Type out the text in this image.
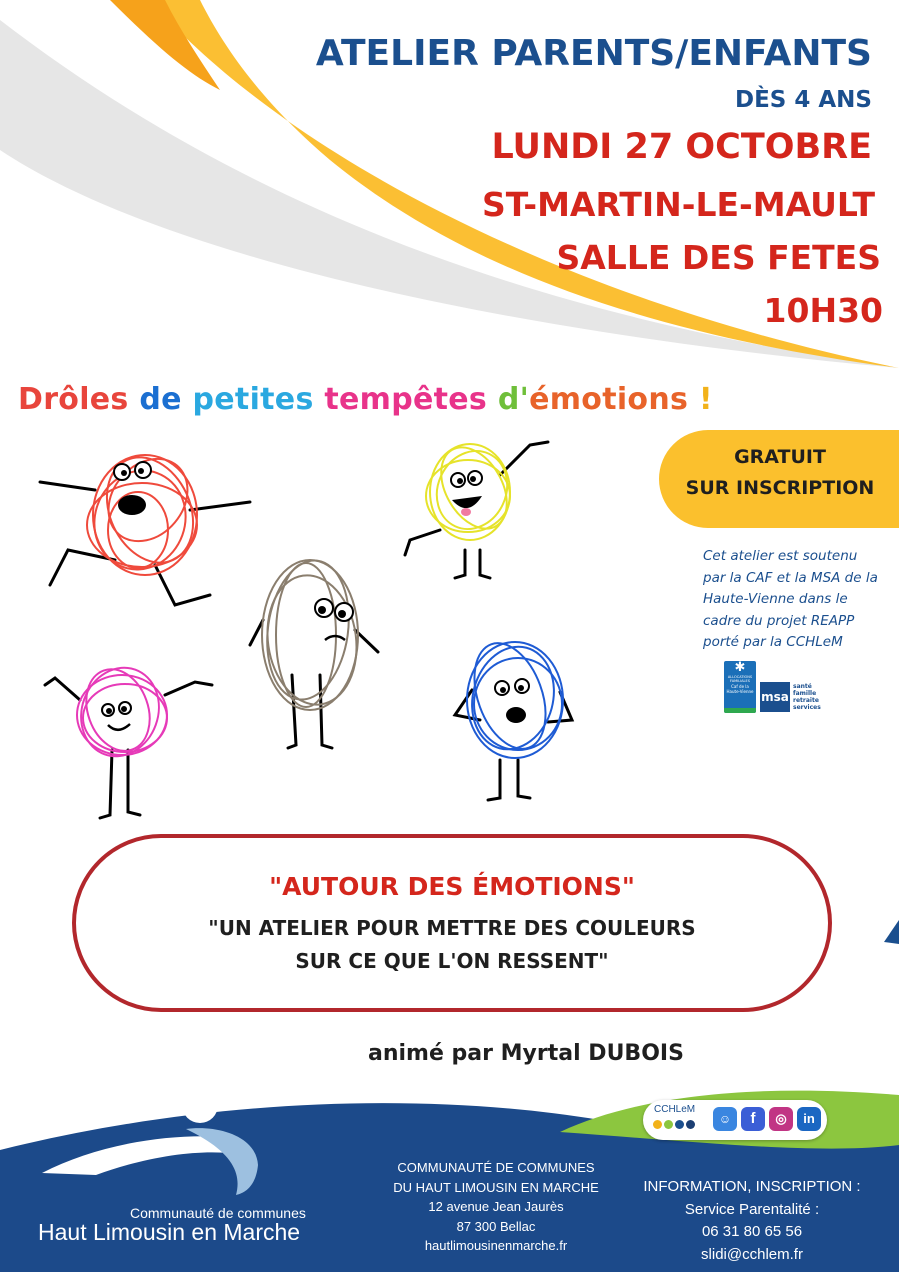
ATELIER PARENTS/ENFANTS
DÈS 4 ANS
LUNDI 27 OCTOBRE
ST-MARTIN-LE-MAULT
SALLE DES FETES
10H30
Drôles de petites tempêtes d'émotions !
GRATUIT
SUR INSCRIPTION
Cet atelier est soutenu par la CAF et la MSA de la Haute-Vienne dans le cadre du projet REAPP porté par la CCHLeM
✱
ALLOCATIONS FAMILIALES
Caf de la Haute-Vienne msa
santé
famille
retraite
services
"AUTOUR DES ÉMOTIONS"
"UN ATELIER POUR METTRE DES COULEURS
SUR CE QUE L'ON RESSENT"
animé par Myrtal DUBOIS
Communauté de communes
Haut Limousin en Marche
CCHLeM
☺	f	◎	in
COMMUNAUTÉ DE COMMUNES
DU HAUT LIMOUSIN EN MARCHE
12 avenue Jean Jaurès
87 300 Bellac
hautlimousinenmarche.fr
INFORMATION, INSCRIPTION :
Service Parentalité :
06 31 80 65 56
slidi@cchlem.fr
